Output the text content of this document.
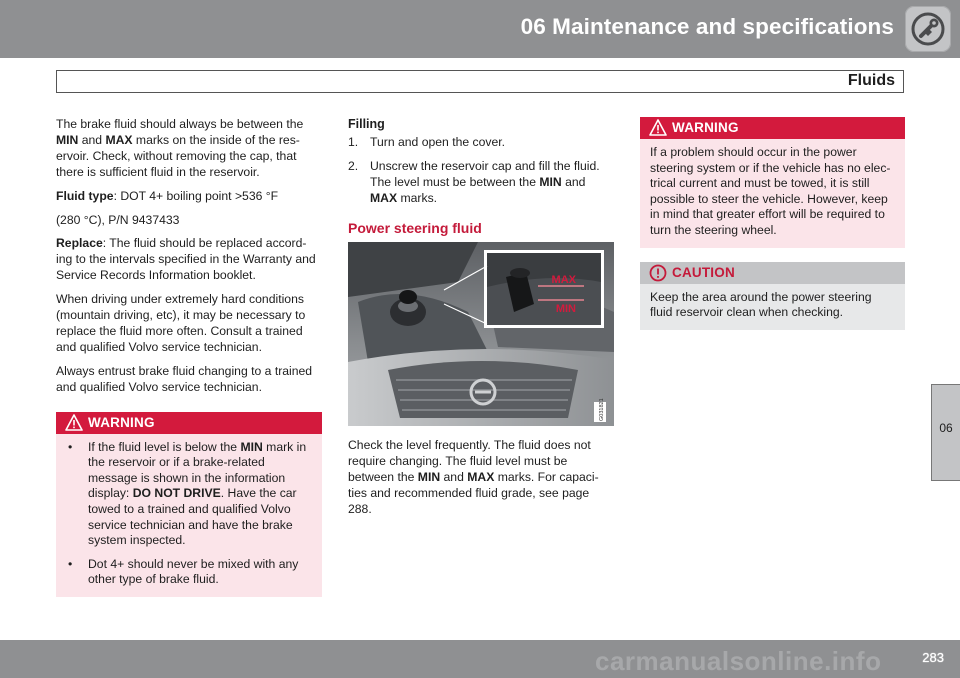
06 Maintenance and specifications
Fluids

The brake fluid should always be between the MIN and MAX marks on the inside of the res-ervoir. Check, without removing the cap, that there is sufficient fluid in the reservoir.

Fluid type: DOT 4+ boiling point >536 °F

(280 °C), P/N 9437433

Replace: The fluid should be replaced accord-ing to the intervals specified in the Warranty and Service Records Information booklet.

When driving under extremely hard conditions (mountain driving, etc), it may be necessary to replace the fluid more often. Consult a trained and qualified Volvo service technician.

Always entrust brake fluid changing to a trained and qualified Volvo service technician.

WARNING
• If the fluid level is below the MIN mark in the reservoir or if a brake-related message is shown in the information display: DO NOT DRIVE. Have the car towed to a trained and qualified Volvo service technician and have the brake system inspected.
• Dot 4+ should never be mixed with any other type of brake fluid.
Filling
1. Turn and open the cover.
2. Unscrew the reservoir cap and fill the fluid. The level must be between the MIN and MAX marks.
Power steering fluid
MAX
MIN
G031821

Check the level frequently. The fluid does not require changing. The fluid level must be between the MIN and MAX marks. For capaci-ties and recommended fluid grade, see page 288.

WARNING
If a problem should occur in the power steering system or if the vehicle has no elec-trical current and must be towed, it is still possible to steer the vehicle. However, keep in mind that greater effort will be required to turn the steering wheel.
CAUTION
Keep the area around the power steering fluid reservoir clean when checking.
06
283
carmanualsonline.info
